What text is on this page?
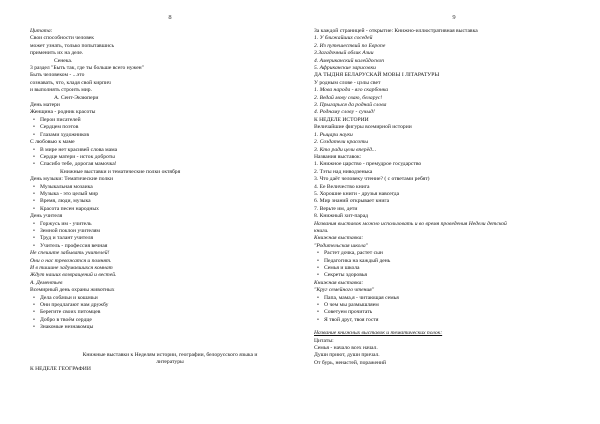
8
Цитата:
Свои способности человек
может узнать, только попытавшись
применить их на деле.
Сенека.
3 раздел "Быть так, где ты больше всего нужен"
Быть человеком - ...это
сознавать, что, кладя свой кирпич
и выполнять строить мир.
А. Сент-Экзюпери
День матери
Женщина - родник красоты
• Перои писателей
• Сердцем поэтов
• Глазами художников
С любовью к маме
• В мире нет красивей слова мама
• Сердце матери - исток доброты
• Спасибо тебе, дорогая мамочка!
Книжные выставки и тематические полки октября
День музыки: Тематические полки
• Музыкальная мозаика
• Музыка - это целый мир
• Время, люди, музыка
• Красота песен народных
День учителя
• Горжусь им - учитель
• Земной поклон учителям
• Труд и талант учителя
• Учитель - профессия вечная
Не спешите забывать учителей!
Они о нас тревожатся и помнят.
И в тишине задумавшихся комнат
Ждут наших возвращений и вестей.
А. Дементьев
Всемирный день охраны животных
• Дела собачьи и кошачьи
• Они предлагают нам дружбу
• Берегите своих питомцев
• Добро в твоём сердце
• Знакомые незнакомцы
Книжные выставки к Неделям истории, географии, белорусского языка и
литературы
К НЕДЕЛЕ ГЕОГРАФИИ
9
За каждой страницей - открытие: Книжно-иллюстративная выставка
1. У ближайших соседей
2. Из путешествий по Европе
3.Загадочный облик Азии
4. Американский калейдоскоп
5. Африканские зарисовки
ДА ТЫДНЯ БЕЛАРУСКАЙ МОВЫ I ЛІТАРАТУРЫ
У родным слове - цэлы свет
1. Мова народа - яго скарбонка
2. Ведай мову сваю, беларус!
3. Прыгарыся да роднай слова
4. Роднаму слову - сучыд!
К НЕДЕЛЕ ИСТОРИИ
Величайшие фигуры всемирной истории
1. Рыцари науки
2. Создатели красоты
3. Кто ради цели вперёд...
Названия выставок:
1. Книжное царство - премудрое государство
2. Тэты над ниводзенька
3. Что даёт человеку чтение? ( с ответами ребят)
4. Ее Величество книга
5. Хорошие книги - друзья навсегда
6. Мир знаний открывает книга
7. Верьте им, дети
8. Книжный хит-парад
Названия выставок можно использовать и во время проведения Недели детской
книги.
Книжная выставка:
"Родительская школа"
• Растет дочка, растет сын
• Педагогика на каждый день
• Семья и школа
• Секреты здоровья
Книжная выставка:
"Круг семейного чтения"
• Папа, мама,я - читающая семья
• О чем мы размышляем
• Советуем прочитать
• Я твой друг, твоя гостя
Название книжных выставок и тематических полок:
Цитаты:
Семья - начало всех начал.
Души приют, души причал.
От бурь, ненастей, поражений
